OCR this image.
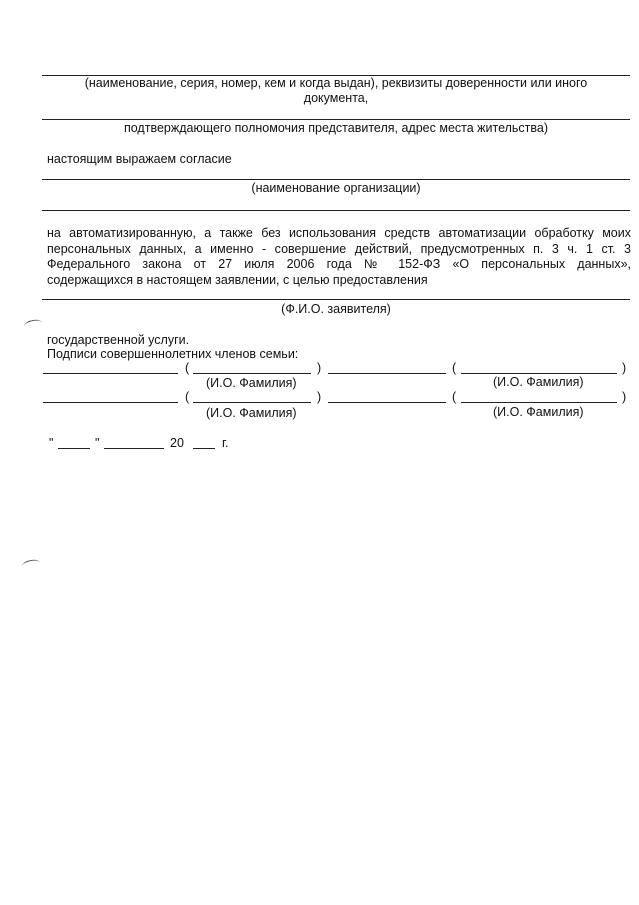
(наименование, серия, номер, кем и когда выдан), реквизиты доверенности или иного
документа,
подтверждающего полномочия представителя, адрес места жительства)
настоящим выражаем согласие
(наименование организации)
на автоматизированную, а также без использования средств автоматизации обработку моих
персональных данных, а именно - совершение действий, предусмотренных п. 3 ч. 1 ст. 3
Федерального закона от 27 июля 2006 года № 152-ФЗ «О персональных данных»,
содержащихся в настоящем заявлении, с целью предоставления
(Ф.И.О. заявителя)
государственной услуги.
Подписи совершеннолетних членов семьи:
(	)	(	)
(И.О. Фамилия)	(И.О. Фамилия)
(	)	(	)
(И.О. Фамилия)	(И.О. Фамилия)
"	"	20	г.
